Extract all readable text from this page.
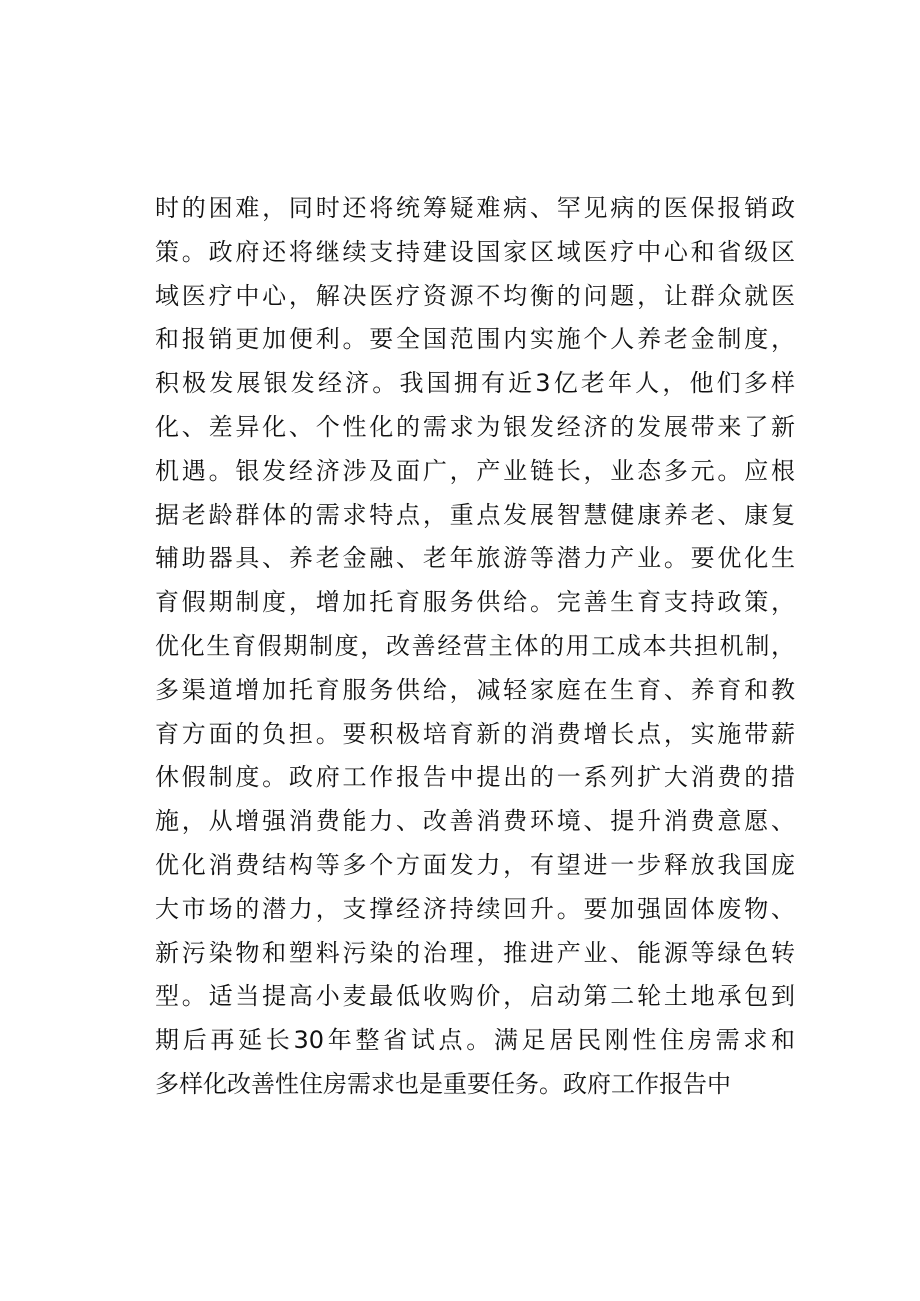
时的困难，同时还将统筹疑难病、罕见病的医保报销政
策。政府还将继续支持建设国家区域医疗中心和省级区
域医疗中心，解决医疗资源不均衡的问题，让群众就医
和报销更加便利。要全国范围内实施个人养老金制度，
积极发展银发经济。我国拥有近3亿老年人，他们多样
化、差异化、个性化的需求为银发经济的发展带来了新
机遇。银发经济涉及面广，产业链长，业态多元。应根
据老龄群体的需求特点，重点发展智慧健康养老、康复
辅助器具、养老金融、老年旅游等潜力产业。要优化生
育假期制度，增加托育服务供给。完善生育支持政策，
优化生育假期制度，改善经营主体的用工成本共担机制，
多渠道增加托育服务供给，减轻家庭在生育、养育和教
育方面的负担。要积极培育新的消费增长点，实施带薪
休假制度。政府工作报告中提出的一系列扩大消费的措
施，从增强消费能力、改善消费环境、提升消费意愿、
优化消费结构等多个方面发力，有望进一步释放我国庞
大市场的潜力，支撑经济持续回升。要加强固体废物、
新污染物和塑料污染的治理，推进产业、能源等绿色转
型。适当提高小麦最低收购价，启动第二轮土地承包到
期后再延长30年整省试点。满足居民刚性住房需求和
多样化改善性住房需求也是重要任务。政府工作报告中
